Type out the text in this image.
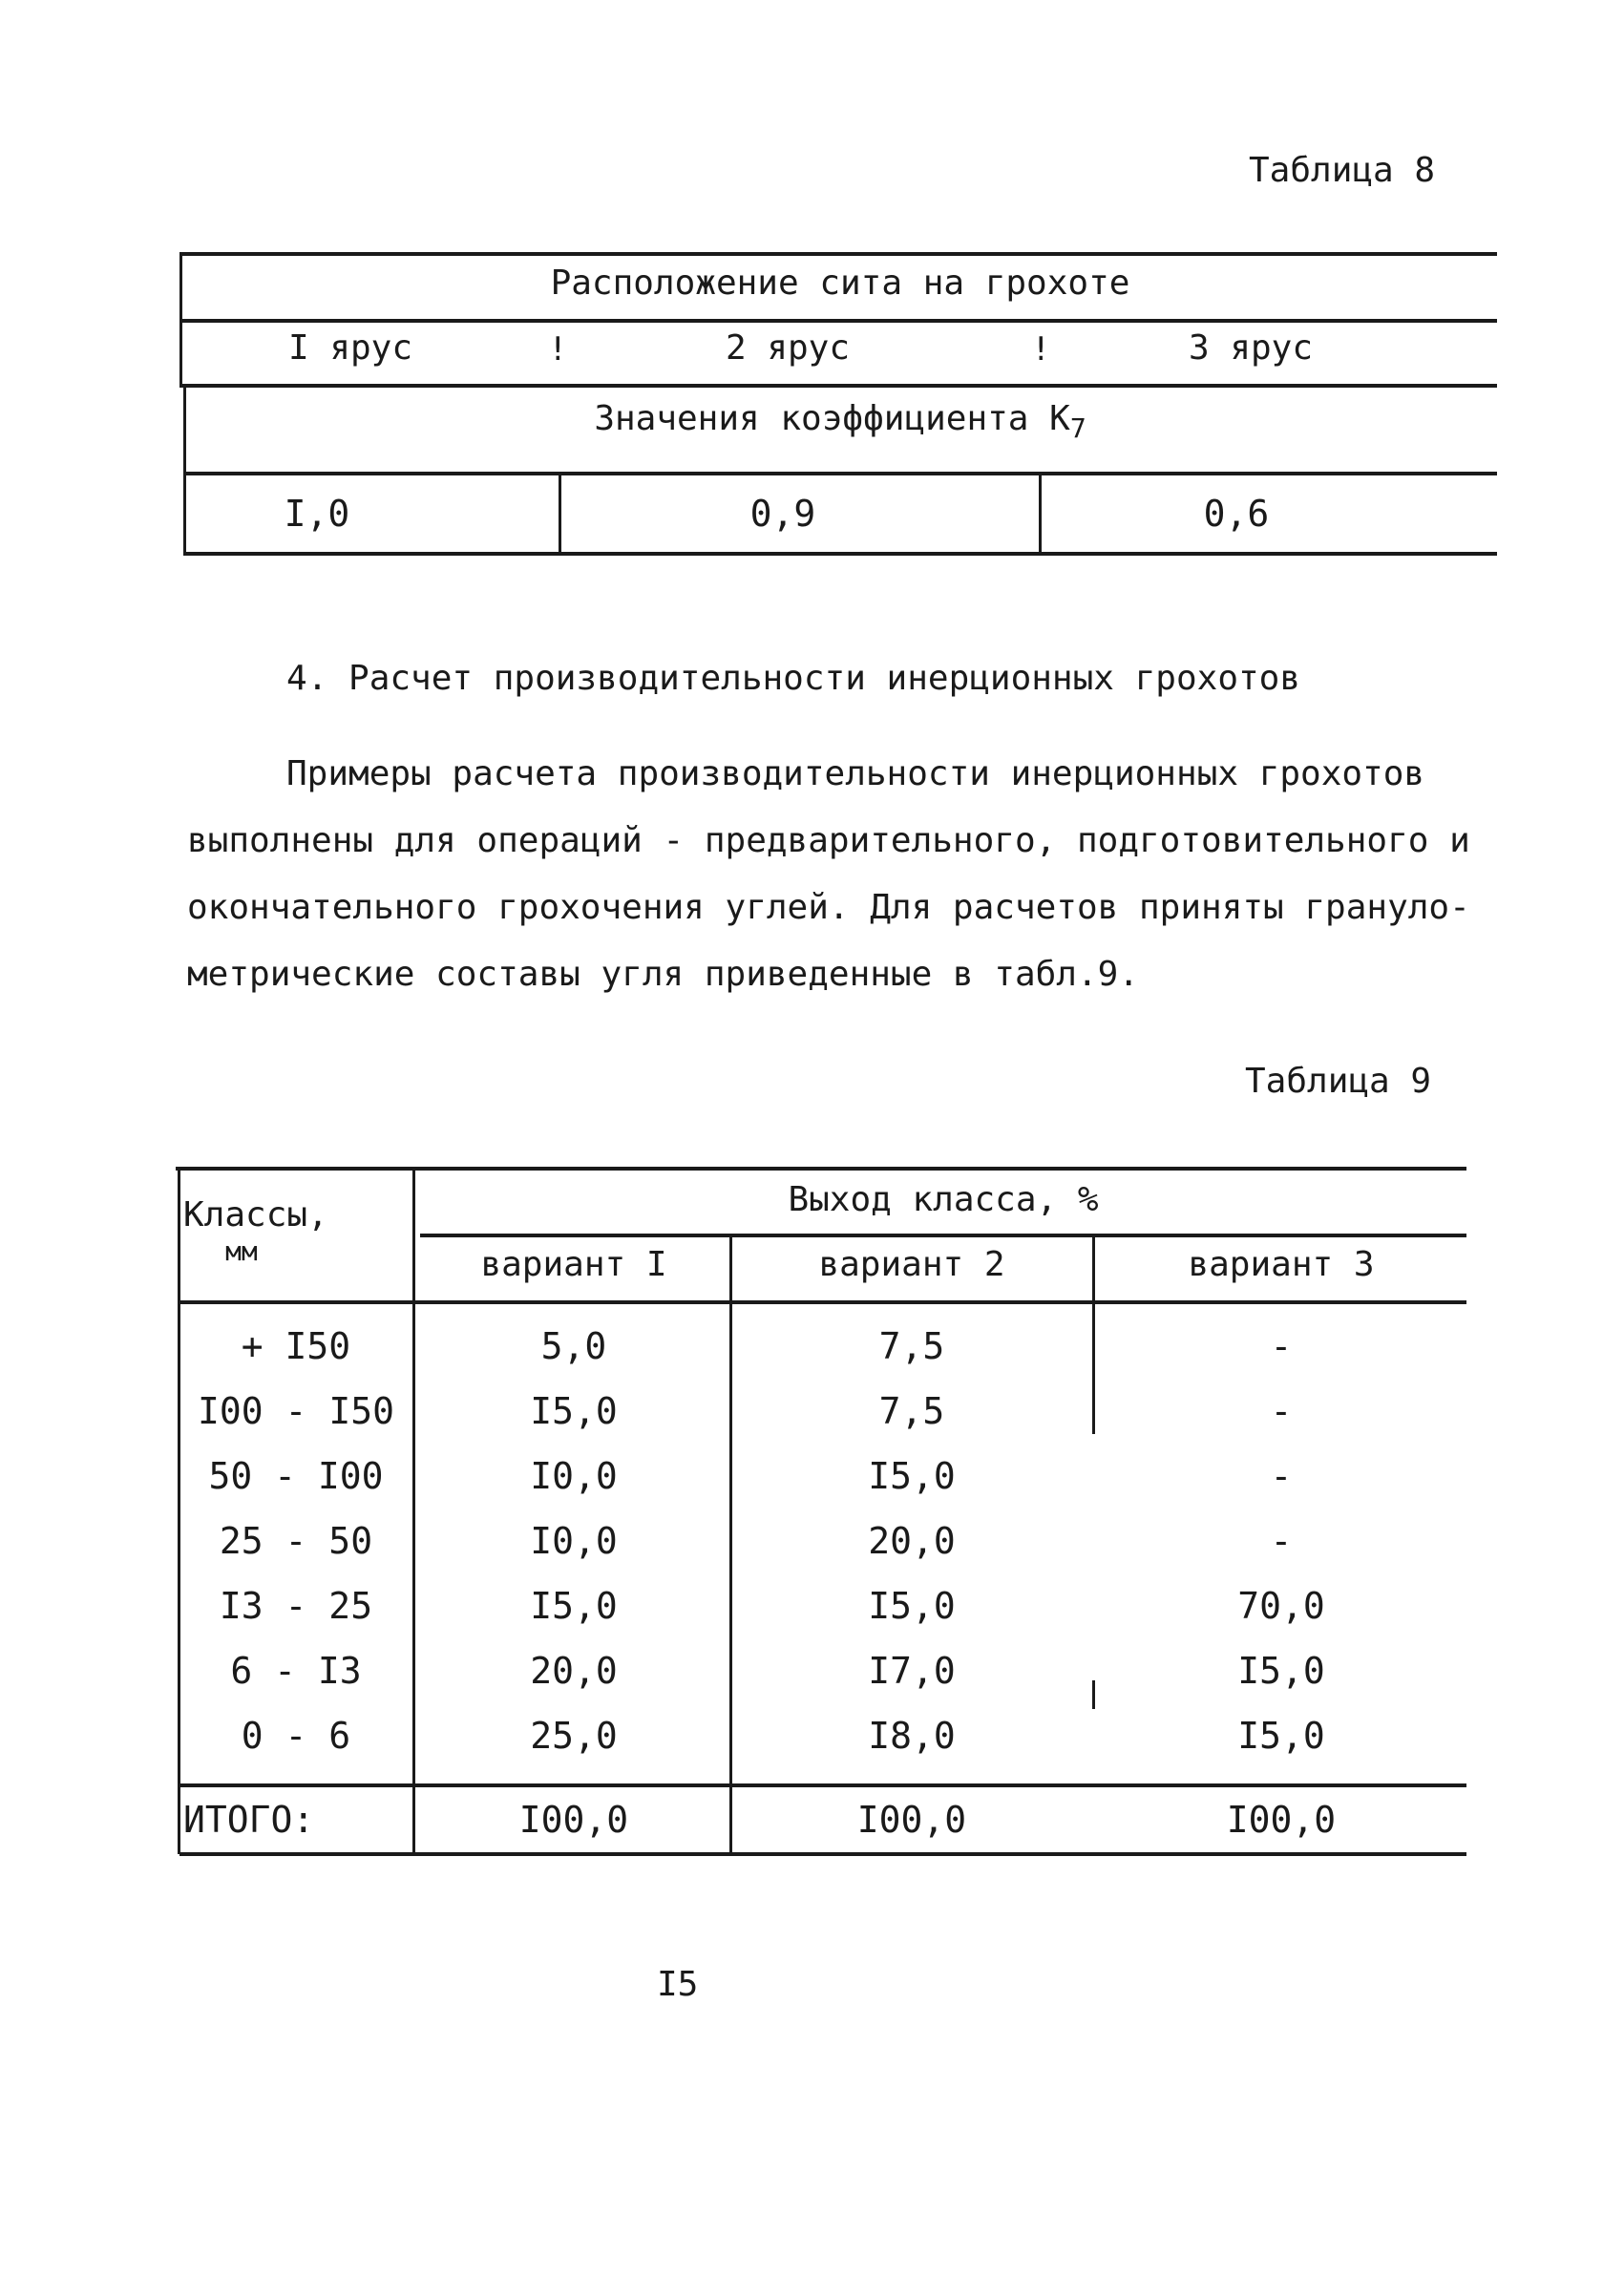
Таблица 8
Расположение сита на грохоте
I ярус	!	2 ярус	!	3 ярус
Значения коэффициента $K_7$
I,0	0,9	0,6
4. Расчет производительности инерционных грохотов
Примеры расчета производительности инерционных грохотов
выполнены для операций - предварительного, подготовительного и
окончательного грохочения углей. Для расчетов приняты грануло-
метрические составы угля приведенные в табл.9.
Таблица 9
Классы,
мм
Выход класса, %
вариант I	вариант 2	вариант 3
+ I50	5,0	7,5	-
I00 - I50	I5,0	7,5	-
50 - I00	I0,0	I5,0	-
25 - 50	I0,0	20,0	-
I3 - 25	I5,0	I5,0	70,0
6 - I3	20,0	I7,0	I5,0
0 - 6	25,0	I8,0	I5,0
ИТОГО:	I00,0	I00,0	I00,0
I5
